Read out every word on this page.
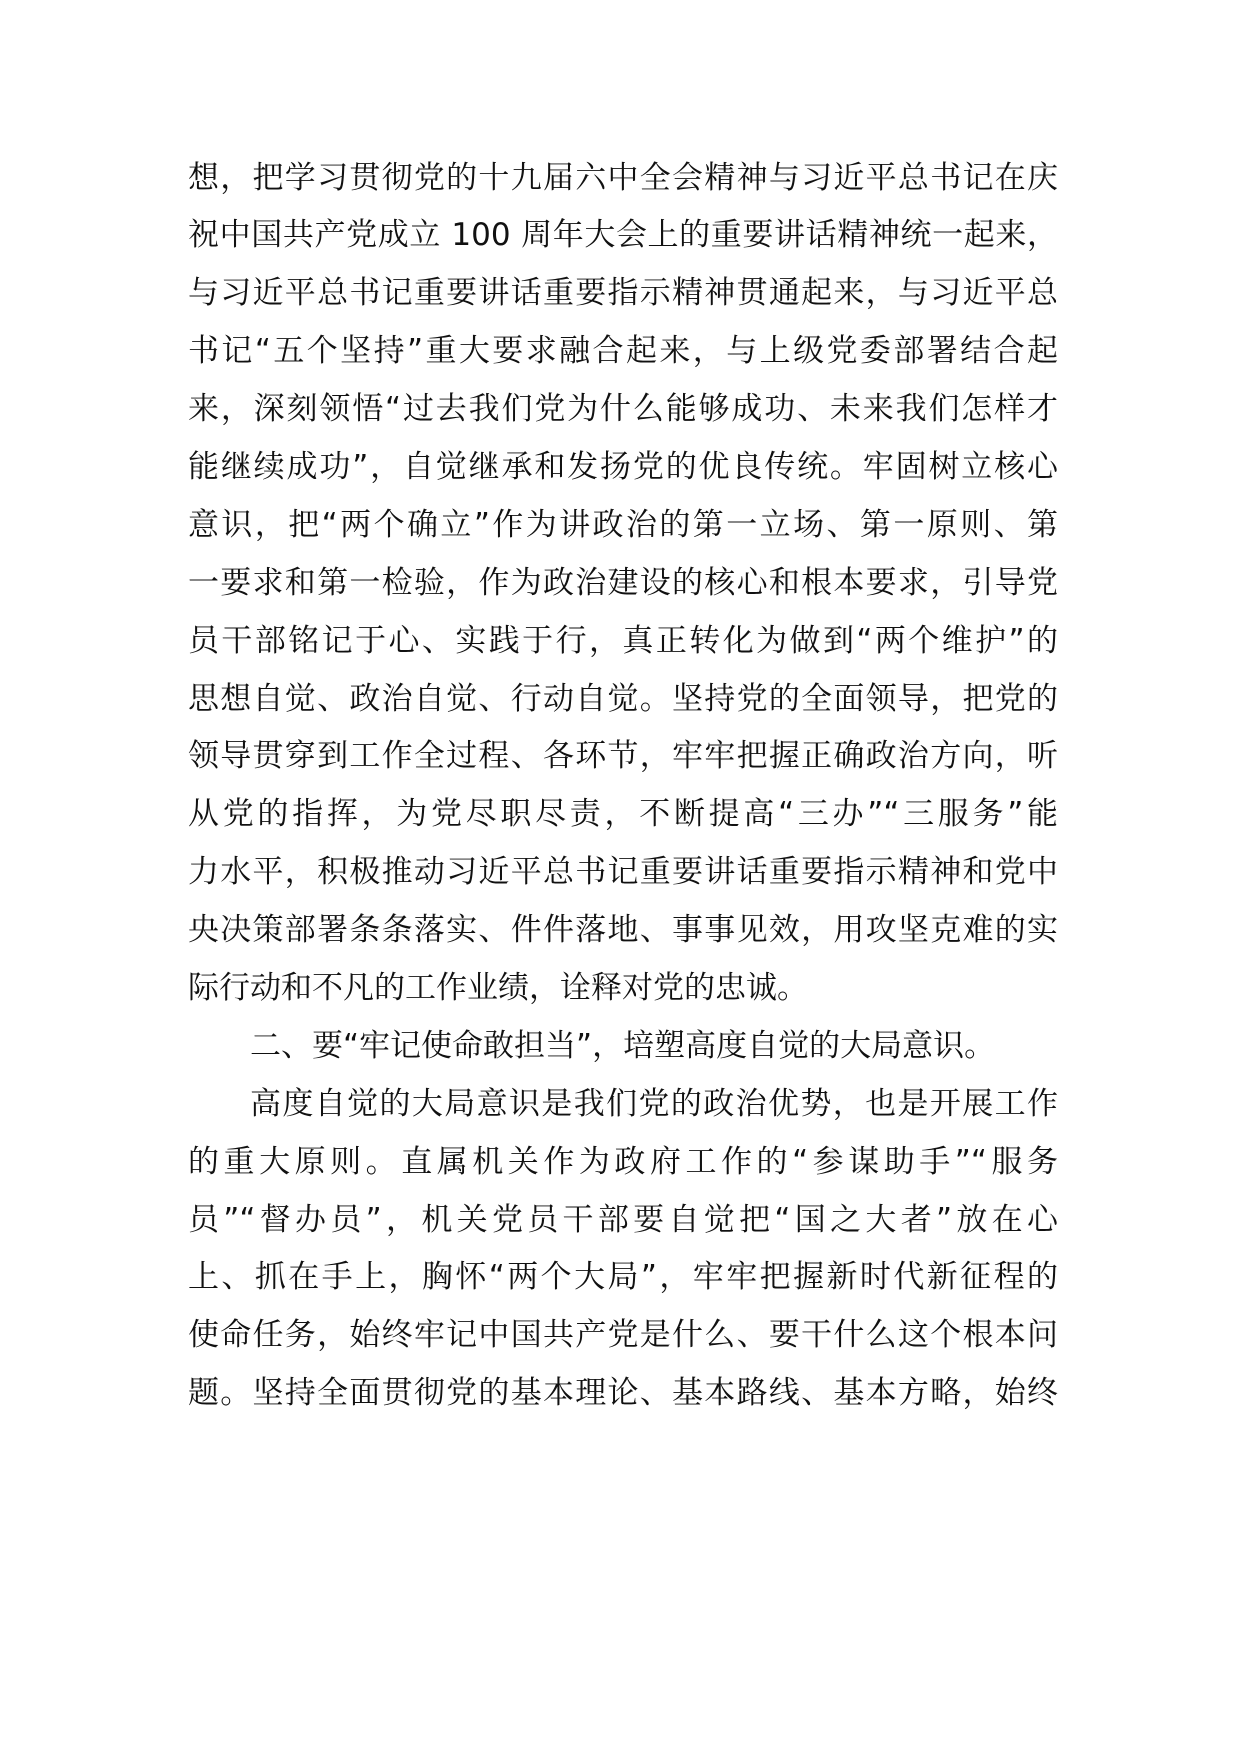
想，把学习贯彻党的十九届六中全会精神与习近平总书记在庆
祝中国共产党成立 100 周年大会上的重要讲话精神统一起来，
与习近平总书记重要讲话重要指示精神贯通起来，与习近平总
书记“五个坚持”重大要求融合起来，与上级党委部署结合起
来，深刻领悟“过去我们党为什么能够成功、未来我们怎样才
能继续成功”，自觉继承和发扬党的优良传统。牢固树立核心
意识，把“两个确立”作为讲政治的第一立场、第一原则、第
一要求和第一检验，作为政治建设的核心和根本要求，引导党
员干部铭记于心、实践于行，真正转化为做到“两个维护”的
思想自觉、政治自觉、行动自觉。坚持党的全面领导，把党的
领导贯穿到工作全过程、各环节，牢牢把握正确政治方向，听
从党的指挥，为党尽职尽责，不断提高“三办”“三服务”能
力水平，积极推动习近平总书记重要讲话重要指示精神和党中
央决策部署条条落实、件件落地、事事见效，用攻坚克难的实
际行动和不凡的工作业绩，诠释对党的忠诚。
二、要“牢记使命敢担当”，培塑高度自觉的大局意识。
高度自觉的大局意识是我们党的政治优势，也是开展工作
的重大原则。直属机关作为政府工作的“参谋助手”“服务
员”“督办员”，机关党员干部要自觉把“国之大者”放在心
上、抓在手上，胸怀“两个大局”，牢牢把握新时代新征程的
使命任务，始终牢记中国共产党是什么、要干什么这个根本问
题。坚持全面贯彻党的基本理论、基本路线、基本方略，始终
